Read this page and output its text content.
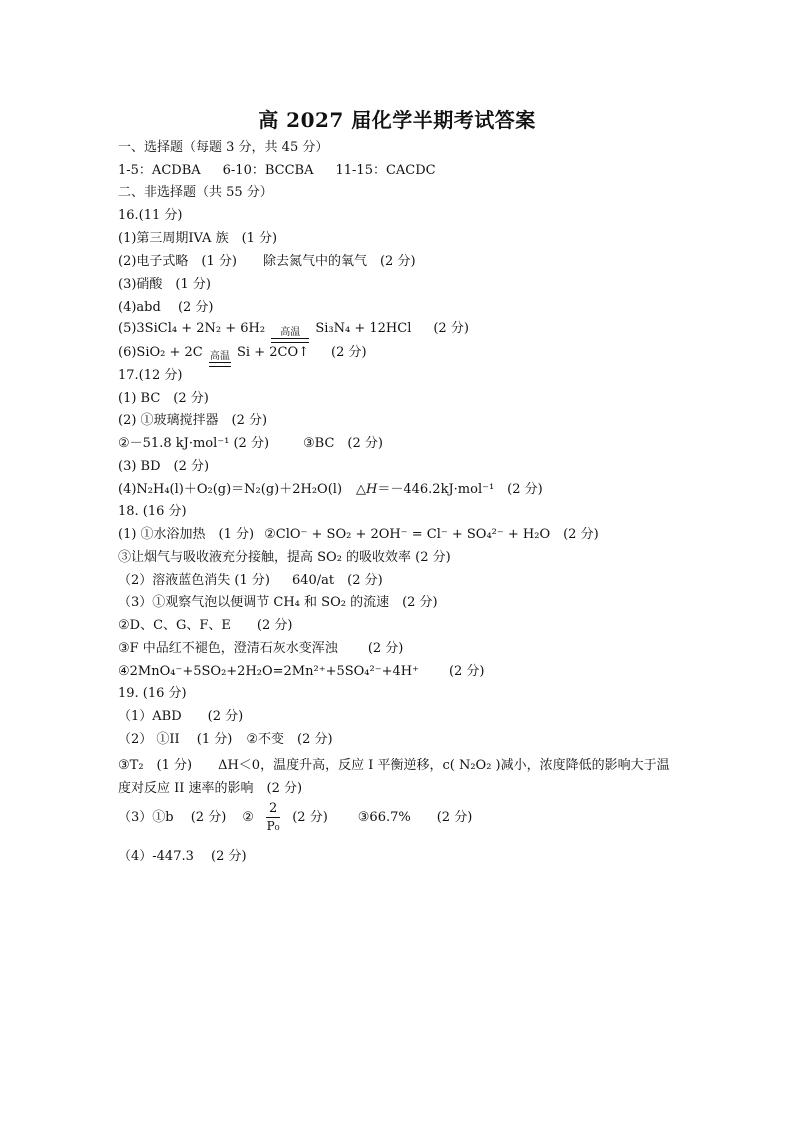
高 2027 届化学半期考试答案
一、选择题（每题 3 分，共 45 分）
1-5：ACDBA 6-10：BCCBA 11-15：CACDC
二、非选择题（共 55 分）
16.(11 分)
(1)第三周期IVA 族　(1 分)
(2)电子式略　(1 分) 除去氮气中的氧气　(2 分)
(3)硝酸　(1 分)
(4)abd　 (2 分)
(5)3SiCl₄ + 2N₂ + 6H₂ 高温 Si₃N₄ + 12HCl (2 分)
(6)SiO₂ + 2C 高温 Si + 2CO↑ (2 分)
17.(12 分)
(1) BC　(2 分)
(2) ①玻璃搅拌器　(2 分)
②－51.8 kJ·mol⁻¹ (2 分)	③BC　(2 分)
(3) BD　(2 分)
(4)N₂H₄(l)＋O₂(g)＝N₂(g)＋2H₂O(l) △H＝－446.2kJ·mol⁻¹　(2 分)
18. (16 分)
(1) ①水浴加热　(1 分) ②ClO⁻ + SO₂ + 2OH⁻ = Cl⁻ + SO₄²⁻ + H₂O　(2 分)
③让烟气与吸收液充分接触，提高 SO₂ 的吸收效率 (2 分)
（2）溶液蓝色消失 (1 分) 640/at　(2 分)
（3）①观察气泡以便调节 CH₄ 和 SO₂ 的流速　(2 分)
②D、C、G、F、E　　(2 分)
③F 中品红不褪色，澄清石灰水变浑浊 (2 分)
④2MnO₄⁻+5SO₂+2H₂O=2Mn²⁺+5SO₄²⁻+4H⁺ (2 分)
19. (16 分)
（1）ABD　　(2 分)
（2） ①II　 (1 分) ②不变　(2 分)
③T₂　(1 分)　　ΔH＜0，温度升高，反应 I 平衡逆移，c( N₂O₂ )减小，浓度降低的影响大于温度对反应 II 速率的影响　(2 分)
（3）①b　 (2 分) ② $\frac{2}{\text{P₀}} (2$ 分) ③66.7%　　(2 分)
（4）-447.3　 (2 分)
